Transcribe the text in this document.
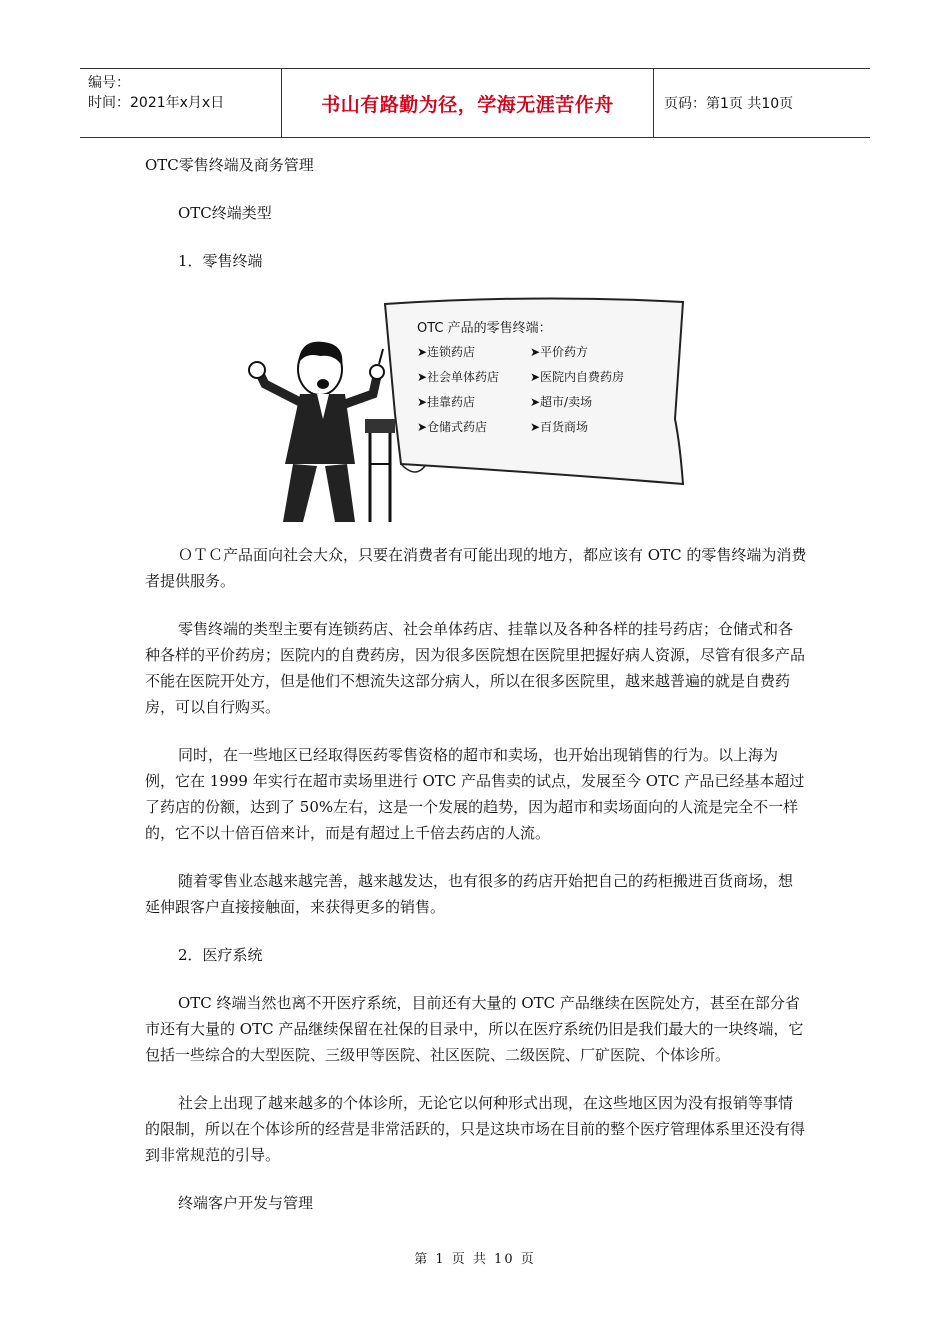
编号：
时间：2021年x月x日	书山有路勤为径，学海无涯苦作舟	页码：第1页 共10页

OTC零售终端及商务管理

OTC终端类型

1．零售终端

OTC 产品的零售终端：
➤连锁药店
➤社会单体药店
➤挂靠药店
➤仓储式药店
➤平价药方
➤医院内自费药房
➤超市/卖场
➤百货商场

ＯＴＣ产品面向社会大众，只要在消费者有可能出现的地方，都应该有 OTC 的零售终端为消费者提供服务。

零售终端的类型主要有连锁药店、社会单体药店、挂靠以及各种各样的挂号药店；仓储式和各种各样的平价药房；医院内的自费药房，因为很多医院想在医院里把握好病人资源，尽管有很多产品不能在医院开处方，但是他们不想流失这部分病人，所以在很多医院里，越来越普遍的就是自费药房，可以自行购买。

同时，在一些地区已经取得医药零售资格的超市和卖场，也开始出现销售的行为。以上海为例，它在 1999 年实行在超市卖场里进行 OTC 产品售卖的试点，发展至今 OTC 产品已经基本超过了药店的份额，达到了 50%左右，这是一个发展的趋势，因为超市和卖场面向的人流是完全不一样的，它不以十倍百倍来计，而是有超过上千倍去药店的人流。

随着零售业态越来越完善，越来越发达，也有很多的药店开始把自己的药柜搬进百货商场，想延伸跟客户直接接触面，来获得更多的销售。

2．医疗系统

OTC 终端当然也离不开医疗系统，目前还有大量的 OTC 产品继续在医院处方，甚至在部分省市还有大量的 OTC 产品继续保留在社保的目录中，所以在医疗系统仍旧是我们最大的一块终端，它包括一些综合的大型医院、三级甲等医院、社区医院、二级医院、厂矿医院、个体诊所。

社会上出现了越来越多的个体诊所，无论它以何种形式出现，在这些地区因为没有报销等事情的限制，所以在个体诊所的经营是非常活跃的，只是这块市场在目前的整个医疗管理体系里还没有得到非常规范的引导。

终端客户开发与管理

第 1 页 共 10 页
